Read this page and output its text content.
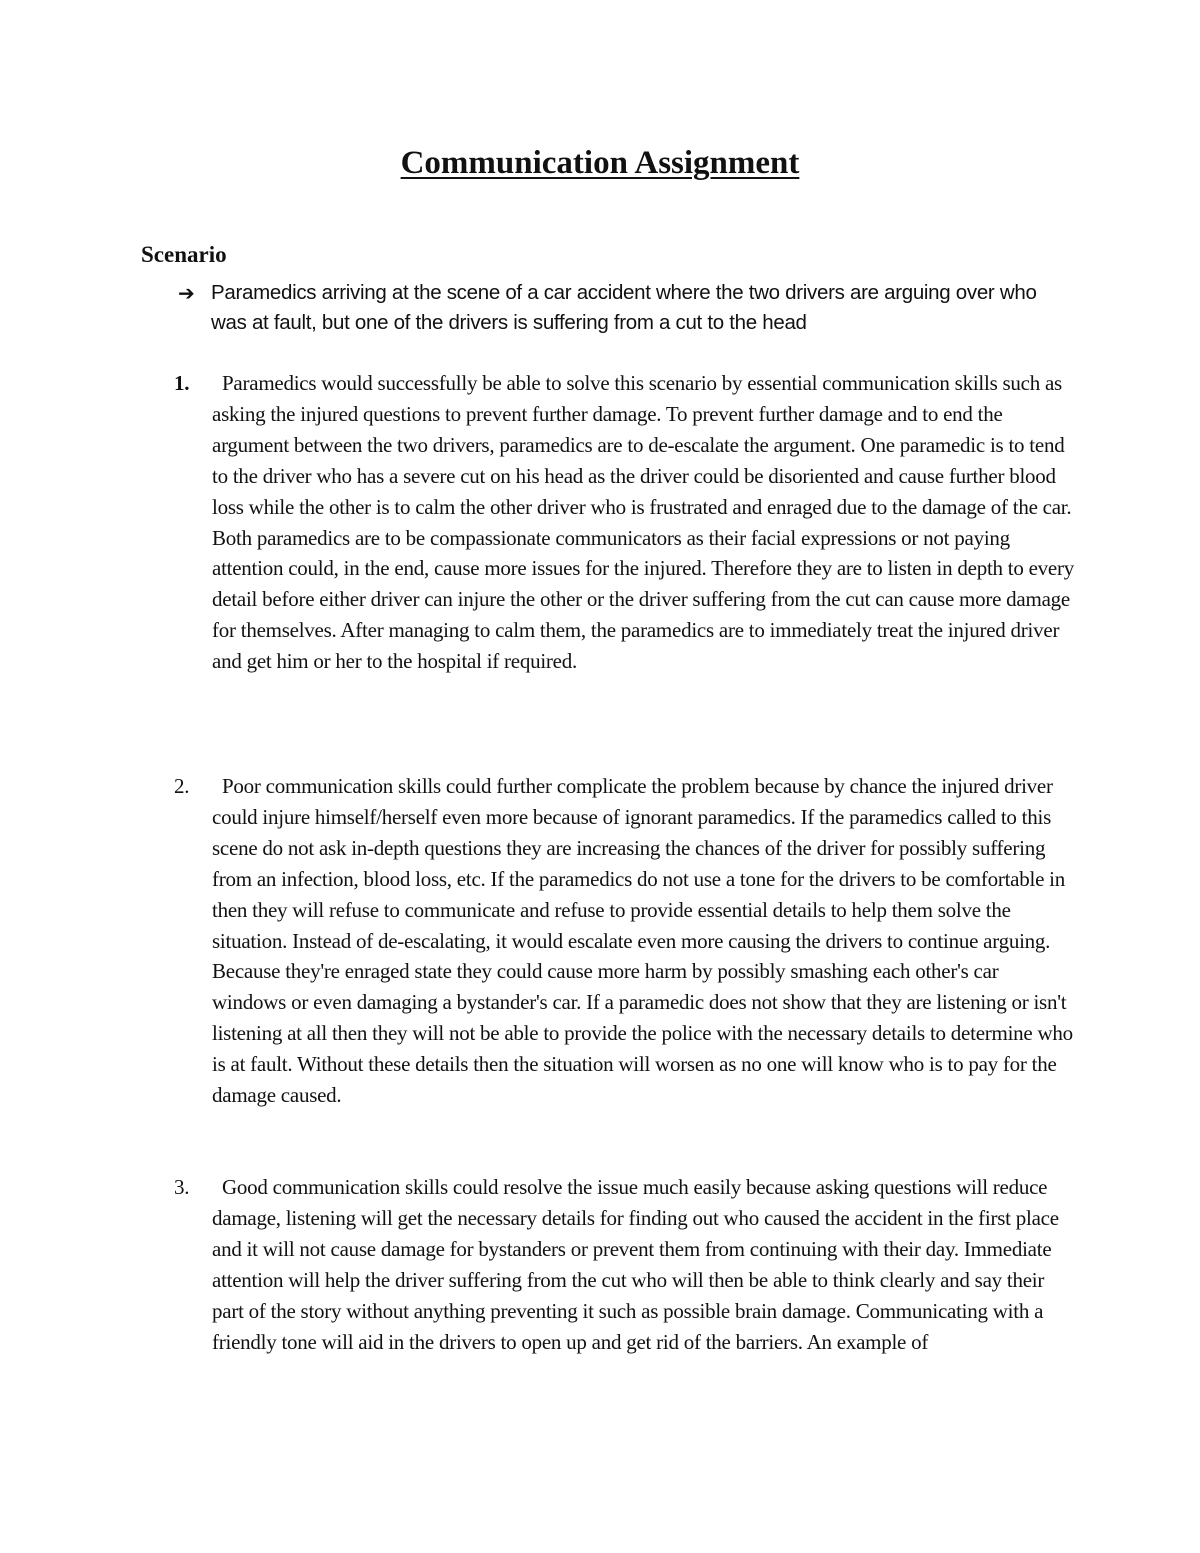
Communication Assignment
Scenario
➔ Paramedics arriving at the scene of a car accident where the two drivers are arguing over who was at fault, but one of the drivers is suffering from a cut to the head
1.	Paramedics would successfully be able to solve this scenario by essential communication skills such as asking the injured questions to prevent further damage. To prevent further damage and to end the argument between the two drivers, paramedics are to de-escalate the argument. One paramedic is to tend to the driver who has a severe cut on his head as the driver could be disoriented and cause further blood loss while the other is to calm the other driver who is frustrated and enraged due to the damage of the car. Both paramedics are to be compassionate communicators as their facial expressions or not paying attention could, in the end, cause more issues for the injured. Therefore they are to listen in depth to every detail before either driver can injure the other or the driver suffering from the cut can cause more damage for themselves. After managing to calm them, the paramedics are to immediately treat the injured driver and get him or her to the hospital if required.
2.	Poor communication skills could further complicate the problem because by chance the injured driver could injure himself/herself even more because of ignorant paramedics. If the paramedics called to this scene do not ask in-depth questions they are increasing the chances of the driver for possibly suffering from an infection, blood loss, etc. If the paramedics do not use a tone for the drivers to be comfortable in then they will refuse to communicate and refuse to provide essential details to help them solve the situation. Instead of de-escalating, it would escalate even more causing the drivers to continue arguing. Because they're enraged state they could cause more harm by possibly smashing each other's car windows or even damaging a bystander's car. If a paramedic does not show that they are listening or isn't listening at all then they will not be able to provide the police with the necessary details to determine who is at fault. Without these details then the situation will worsen as no one will know who is to pay for the damage caused.
3.	Good communication skills could resolve the issue much easily because asking questions will reduce damage, listening will get the necessary details for finding out who caused the accident in the first place and it will not cause damage for bystanders or prevent them from continuing with their day. Immediate attention will help the driver suffering from the cut who will then be able to think clearly and say their part of the story without anything preventing it such as possible brain damage. Communicating with a friendly tone will aid in the drivers to open up and get rid of the barriers. An example of
